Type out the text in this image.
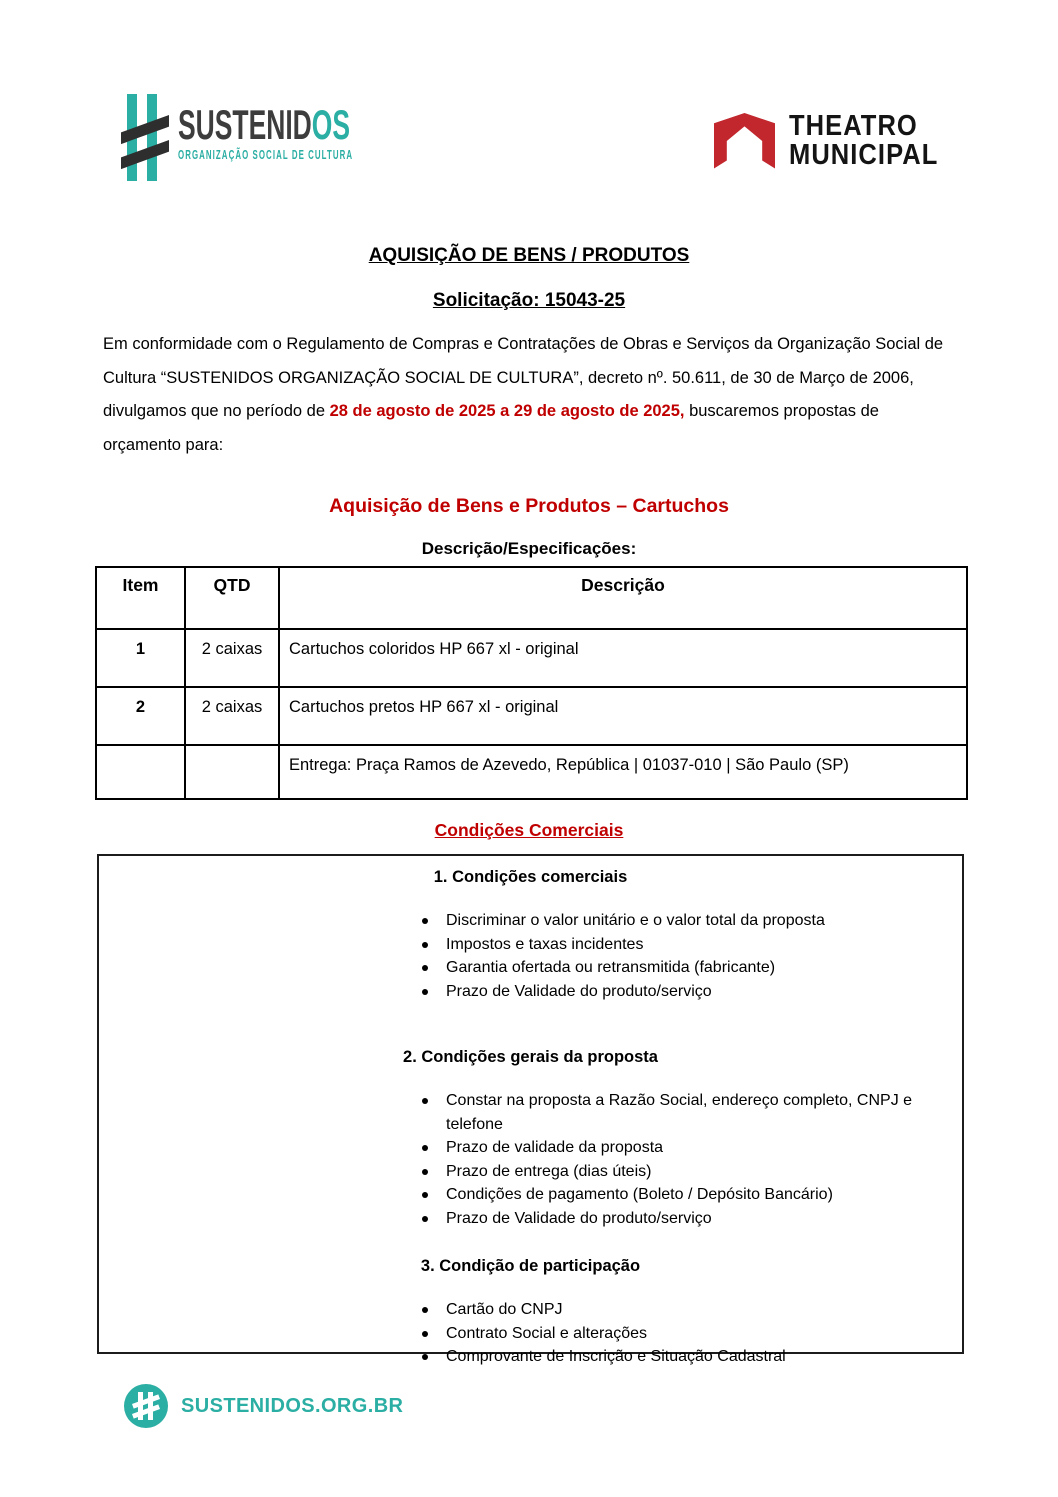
SUSTENIDOS
ORGANIZAÇÃO SOCIAL DE CULTURA
THEATRO
MUNICIPAL
AQUISIÇÃO DE BENS / PRODUTOS
Solicitação: 15043-25

Em conformidade com o Regulamento de Compras e Contratações de Obras e Serviços da Organização Social de Cultura “SUSTENIDOS ORGANIZAÇÃO SOCIAL DE CULTURA”, decreto nº. 50.611, de 30 de Março de 2006, divulgamos que no período de 28 de agosto de 2025 a 29 de agosto de 2025, buscaremos propostas de orçamento para:

Aquisição de Bens e Produtos – Cartuchos
Descrição/Especificações:
Item	QTD	Descrição
1	2 caixas	Cartuchos coloridos HP 667 xl - original
2	2 caixas	Cartuchos pretos HP 667 xl - original
		Entrega: Praça Ramos de Azevedo, República | 01037-010 | São Paulo (SP)
Condições Comerciais
1. Condições comerciais
Discriminar o valor unitário e o valor total da proposta
Impostos e taxas incidentes
Garantia ofertada ou retransmitida (fabricante)
Prazo de Validade do produto/serviço
2. Condições gerais da proposta
Constar na proposta a Razão Social, endereço completo, CNPJ e telefone
Prazo de validade da proposta
Prazo de entrega (dias úteis)
Condições de pagamento (Boleto / Depósito Bancário)
Prazo de Validade do produto/serviço
3. Condição de participação
Cartão do CNPJ
Contrato Social e alterações
Comprovante de Inscrição e Situação Cadastral
SUSTENIDOS.ORG.BR
